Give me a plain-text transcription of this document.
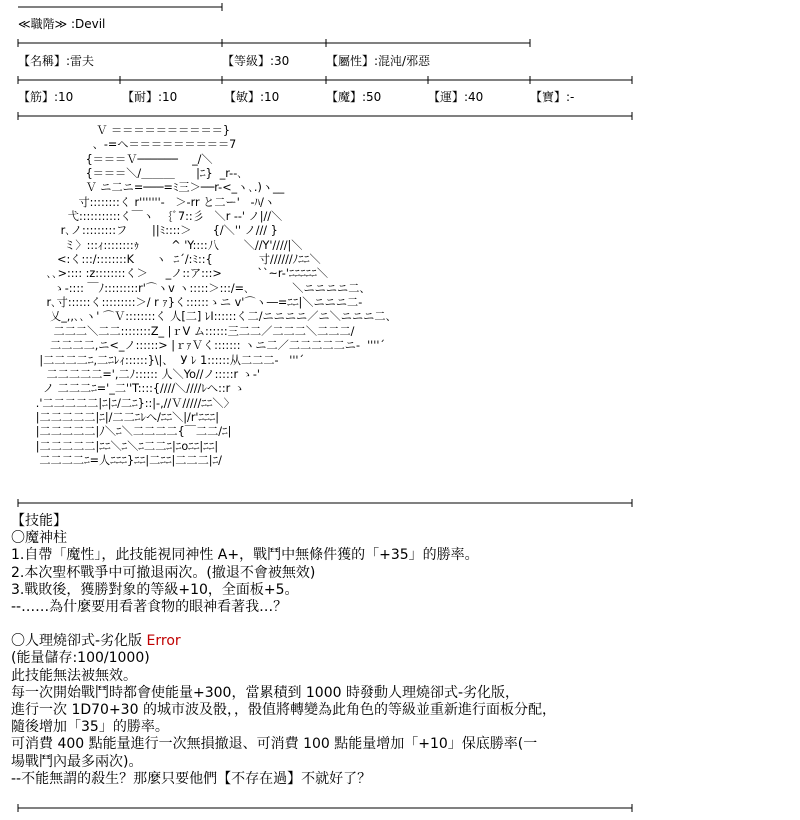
≪職階≫ :Devil
【名稱】:雷夫	【等級】:30	【屬性】:混沌/邪惡
【筋】:10	【耐】:10	【敏】:10	【魔】:50	【運】:40	【寶】:-
Ｖ ＝＝＝＝＝＝＝＝＝＝}
、-=へ＝＝＝＝＝＝＝＝＝7
{＝＝＝Ｖ──────    _/＼
{＝＝＝＼/＿＿＿      |ﾆ}  _r--､
Ｖ ニ二ニ=───=ﾐ三＞──r-<_ヽ､.)ヽ__
寸::::::::く r'''''''-   ＞-rr と二ー'   -ﾊ/ヽ
弋:::::::::::く￣ヽ    {ﾞ7::彡   ＼r --' ノ|//＼
r､ノ:::::::::フ       ||ﾐ::::＞      {/＼'' ノ/// }
ミ〉:::ｨ::::::::ｩ         ^ 'Y::::八       ＼//Y'////|＼
<:く:::/::::::::K      ヽ  ﾆ´/:ﾐ::{             寸//////ﾉﾆﾆ＼
､､>:::: :z::::::::く＞     _ノ::ア:::>          ``~r-'ﾆﾆﾆﾆﾆ＼
ゝ-:::: ￣ﾉ:::::::::r'⌒ヽv ヽ:::::＞:::/=､            ＼ニニニニ二、
r､寸::::::く:::::::::＞/ r ｧ}く::::::ゝニ v'⌒ヽ―=ﾆﾆ|＼ニニニ二-
乂_,,､､ヽ' ⌒Ｖ::::::::く 人[二] ﾚI::::::く二/ニニニニ／ニ＼ニニニ二、
二二二＼二二::::::::Z_ |ｒV ム::::::三二二／二二二＼二二二/
二二二二,ニ<_ノ::::::> |ｒｧＶく::::::: ヽニ二／二二二二二ニ-  ''''´
|二二二二ﾆ,二ﾆﾚｨ::::::}\|、  У ﾚ 1::::::从二二二-   '''´
二二二二二=',二ﾉ:::::: 人＼Yo//ノ:::::r ゝ-'
ノ 二二二ﾆ='_二''T::::{////＼////ﾚへ::r ゝ
.'二二二二二|ﾆ|ﾆ/二ﾆ}::|-,//Ｖ/////ﾆﾆ＼〉
|二二二二二|ﾆ|/二二ﾆﾚへ/ﾆﾆ＼|/r'ﾆﾆﾆ|
|二二二二二|ﾉ＼ﾆ＼二二二二{￣二二/ﾆ|
|二二二二二|ﾆﾆ＼ﾆ＼ﾆ二二ﾆ|ﾆoﾆﾆ|ﾆﾆ|
二二二二ﾆ=人ﾆﾆﾆ}ﾆﾆ|二ﾆﾆ|二二二|ﾆ/
【技能】
〇魔神柱
1.自帶「魔性」，此技能視同神性 A+，戰鬥中無條件獲的「+35」的勝率。
2.本次聖杯戰爭中可撤退兩次。(撤退不會被無效)
3.戰敗後，獲勝對象的等級+10，全面板+5。
--……為什麼要用看著食物的眼神看著我…？
〇人理燒卻式-劣化版 Error
(能量儲存:100/1000)
此技能無法被無效。
每一次開始戰鬥時都會使能量+300，當累積到 1000 時發動人理燒卻式-劣化版，
進行一次 1D70+30 的城市波及骰，，骰值將轉變為此角色的等級並重新進行面板分配，
隨後增加「35」的勝率。
可消費 400 點能量進行一次無損撤退、可消費 100 點能量增加「+10」保底勝率(一
場戰鬥內最多兩次)。
--不能無謂的殺生？那麼只要他們【不存在過】不就好了？
